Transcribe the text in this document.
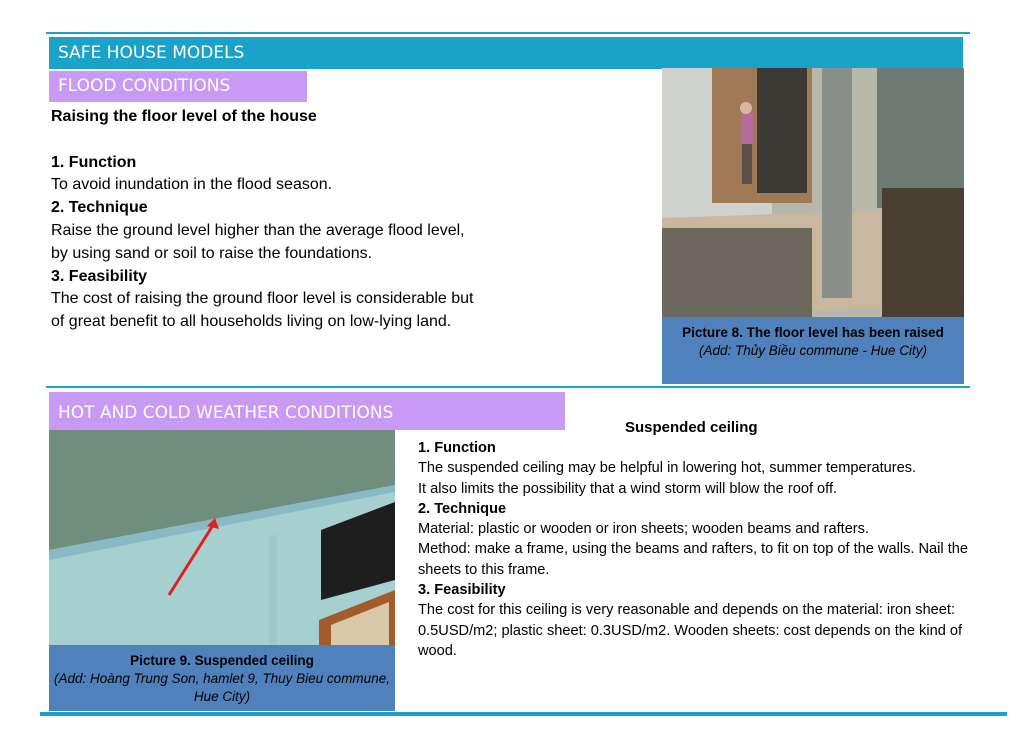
SAFE HOUSE MODELS
FLOOD CONDITIONS

Raising the floor level of the house

1. Function

To avoid inundation in the flood season.

2. Technique

Raise the ground level higher than the average flood level, by using sand or soil to raise the foundations.

3. Feasibility

The cost of raising the ground floor level is considerable but of great benefit to all households living on low-lying land.

Picture 8. The floor level has been raised
(Add: Thủy Biều commune - Hue City)
HOT AND COLD WEATHER CONDITIONS
Picture 9. Suspended ceiling
(Add: Hoàng Trung Son, hamlet 9, Thuy Bieu commune, Hue City)
Suspended ceiling

1. Function

The suspended ceiling may be helpful in lowering hot, summer temperatures.

It also limits the possibility that a wind storm will blow the roof off.

2. Technique

Material: plastic or wooden or iron sheets; wooden beams and rafters.

Method: make a frame, using the beams and rafters, to fit on top of the walls. Nail the sheets to this frame.

3. Feasibility

The cost for this ceiling is very reasonable and depends on the material: iron sheet: 0.5USD/m2; plastic sheet: 0.3USD/m2. Wooden sheets: cost depends on the kind of wood.
